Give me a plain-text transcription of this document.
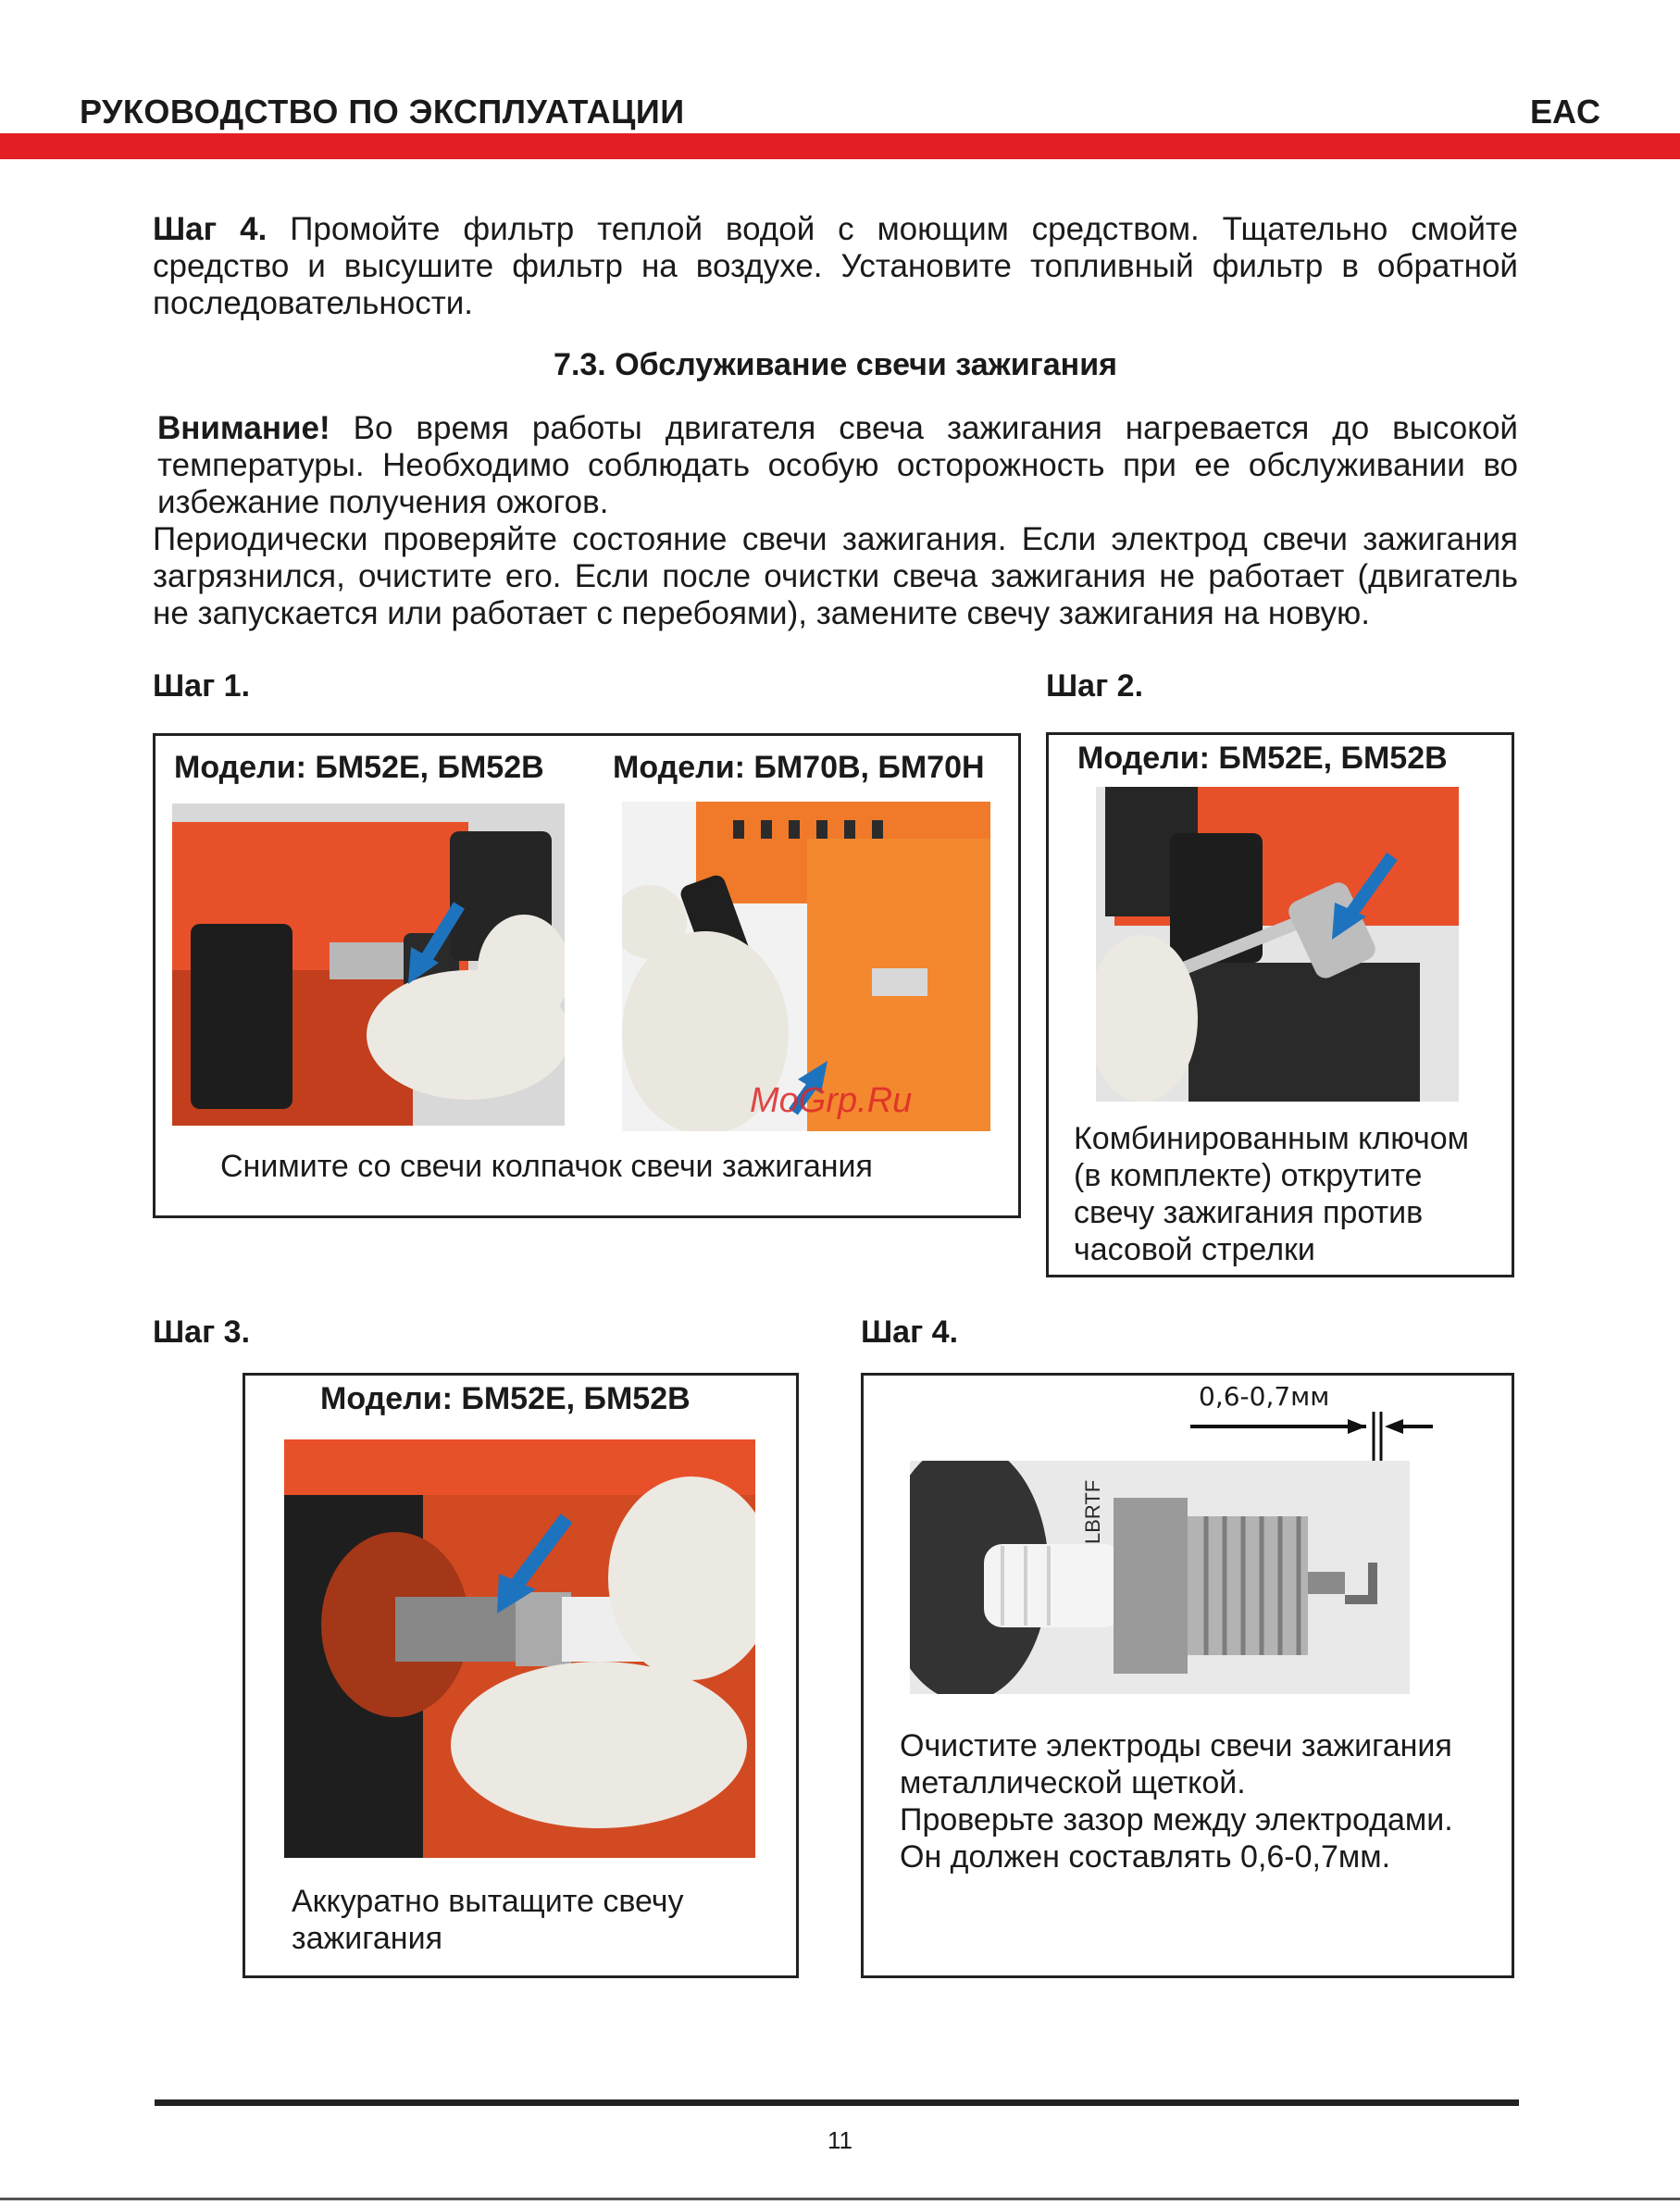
РУКОВОДСТВО ПО ЭКСПЛУАТАЦИИ	EAC
Шаг 4. Промойте фильтр теплой водой с моющим средством. Тщательно смойте средство и высушите фильтр на воздухе. Установите топливный фильтр в обратной последовательности.
7.3. Обслуживание свечи зажигания
Внимание! Во время работы двигателя свеча зажигания нагревается до высокой температуры. Необходимо соблюдать особую осторожность при ее обслуживании во избежание получения ожогов.
Периодически проверяйте состояние свечи зажигания. Если электрод свечи зажигания загрязнился, очистите его. Если после очистки свеча зажигания не работает (двигатель не запускается или работает с перебоями), замените свечу зажигания на новую.
Шаг 1.	Шаг 2.
Модели: БМ52Е, БМ52В Модели: БМ70В, БМ70Н
MoGrp.Ru
Снимите со свечи колпачок свечи зажигания
Модели: БМ52Е, БМ52В
Комбинированным ключом (в комплекте) открутите свечу зажигания против часовой стрелки
Шаг 3.	Шаг 4.
Модели: БМ52Е, БМ52В
Аккуратно вытащите свечу зажигания
0,6-0,7мм
LBRTF
Очистите электроды свечи зажигания металлической щеткой.
Проверьте зазор между электродами. Он должен составлять 0,6-0,7мм.
11
